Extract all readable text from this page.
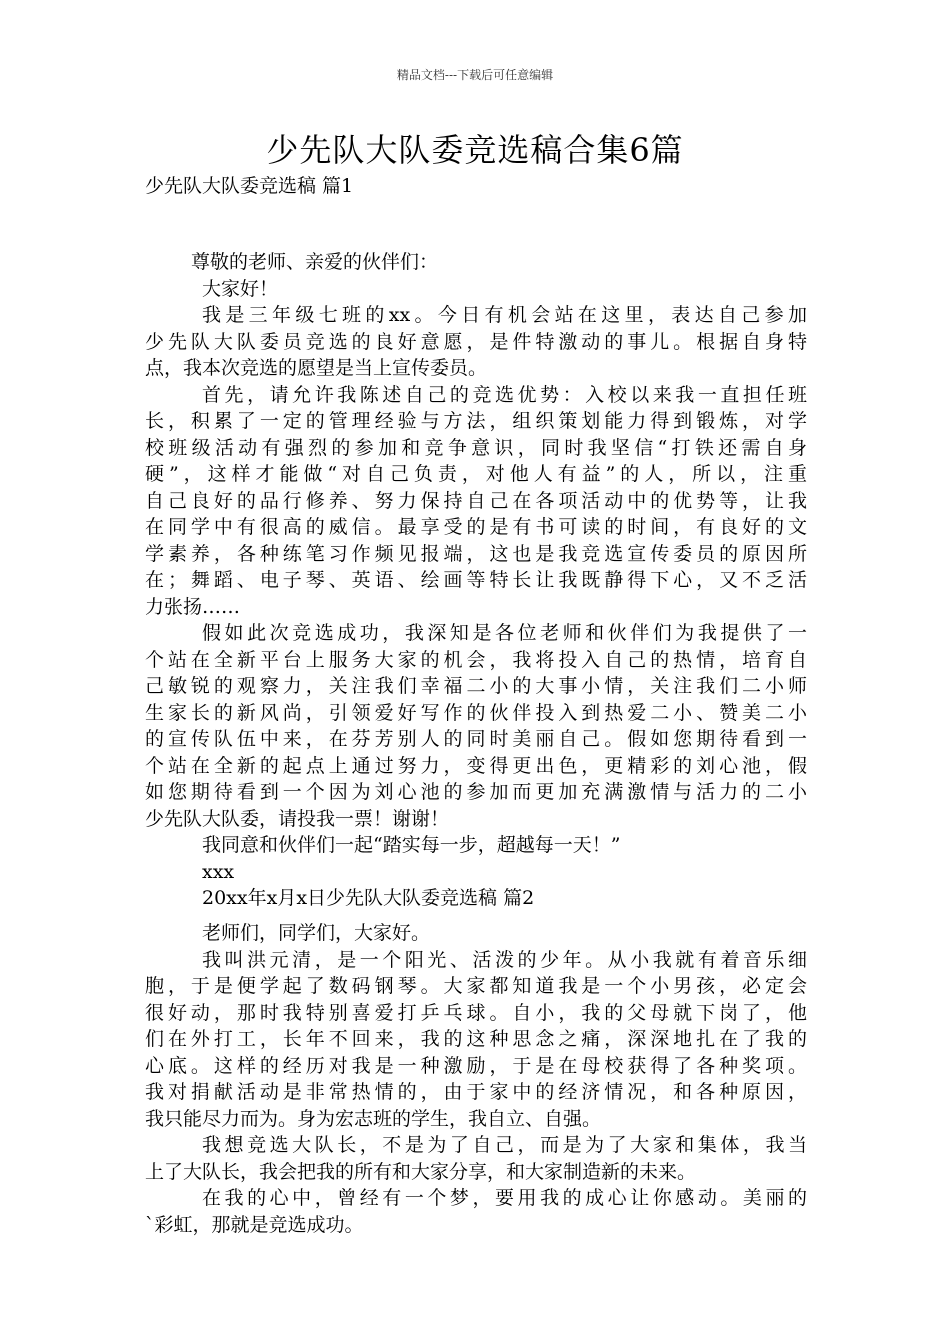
精品文档---下载后可任意编辑
少先队大队委竞选稿合集6篇
少先队大队委竞选稿 篇1
尊敬的老师、亲爱的伙伴们：
大家好！
我是三年级七班的xx。今日有机会站在这里，表达自己参加
少先队大队委员竞选的良好意愿，是件特激动的事儿。根据自身特
点，我本次竞选的愿望是当上宣传委员。
首先，请允许我陈述自己的竞选优势：入校以来我一直担任班
长，积累了一定的管理经验与方法，组织策划能力得到锻炼，对学
校班级活动有强烈的参加和竞争意识，同时我坚信“打铁还需自身
硬”，这样才能做“对自己负责，对他人有益”的人，所以，注重
自己良好的品行修养、努力保持自己在各项活动中的优势等，让我
在同学中有很高的威信。最享受的是有书可读的时间，有良好的文
学素养，各种练笔习作频见报端，这也是我竞选宣传委员的原因所
在；舞蹈、电子琴、英语、绘画等特长让我既静得下心，又不乏活
力张扬……
假如此次竞选成功，我深知是各位老师和伙伴们为我提供了一
个站在全新平台上服务大家的机会，我将投入自己的热情，培育自
己敏锐的观察力，关注我们幸福二小的大事小情，关注我们二小师
生家长的新风尚，引领爱好写作的伙伴投入到热爱二小、赞美二小
的宣传队伍中来，在芬芳别人的同时美丽自己。假如您期待看到一
个站在全新的起点上通过努力，变得更出色，更精彩的刘心池，假
如您期待看到一个因为刘心池的参加而更加充满激情与活力的二小
少先队大队委，请投我一票！谢谢！
我同意和伙伴们一起“踏实每一步，超越每一天！”
xxx
20xx年x月x日少先队大队委竞选稿 篇2
老师们，同学们，大家好。
我叫洪元清，是一个阳光、活泼的少年。从小我就有着音乐细
胞，于是便学起了数码钢琴。大家都知道我是一个小男孩，必定会
很好动，那时我特别喜爱打乒乓球。自小，我的父母就下岗了，他
们在外打工，长年不回来，我的这种思念之痛，深深地扎在了我的
心底。这样的经历对我是一种激励，于是在母校获得了各种奖项。
我对捐献活动是非常热情的，由于家中的经济情况，和各种原因，
我只能尽力而为。身为宏志班的学生，我自立、自强。
我想竞选大队长，不是为了自己，而是为了大家和集体，我当
上了大队长，我会把我的所有和大家分享，和大家制造新的未来。
在我的心中，曾经有一个梦，要用我的成心让你感动。美丽的
`彩虹，那就是竞选成功。
